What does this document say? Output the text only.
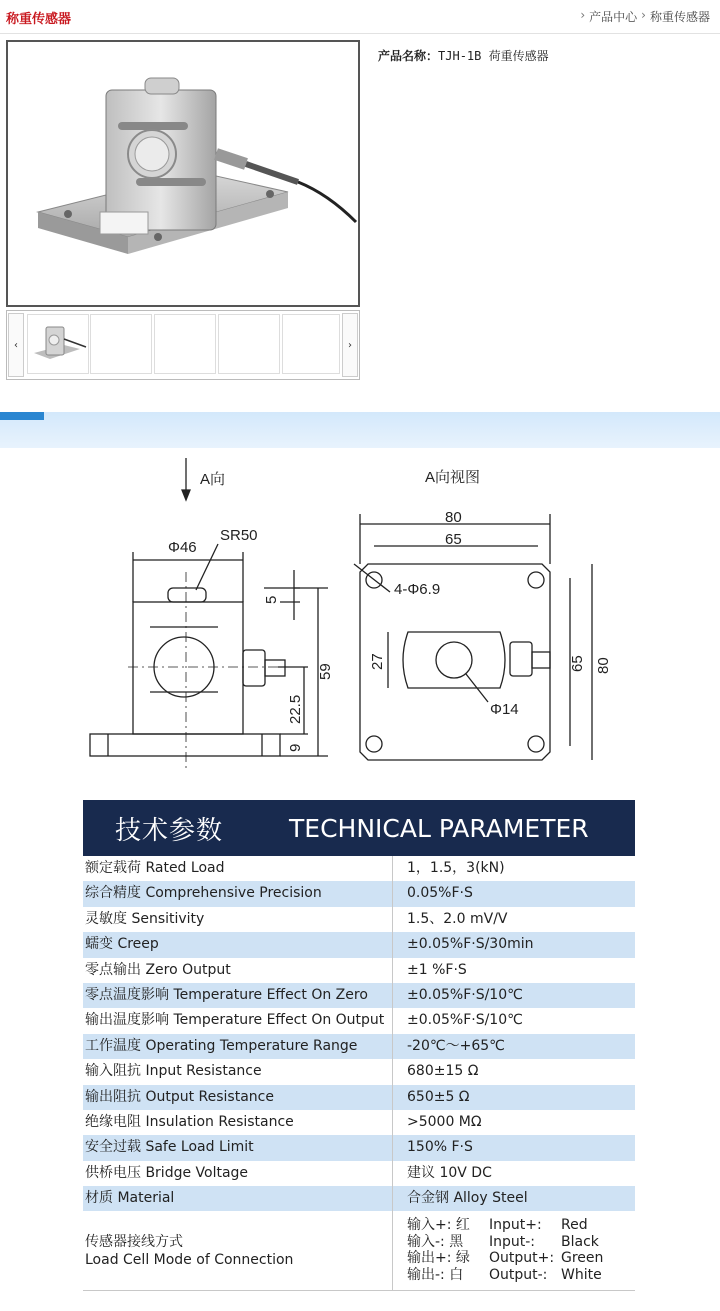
称重传感器	› 产品中心 › 称重传感器
‹	›
产品名称：TJH-1B 荷重传感器
A向
Φ46
SR50
5
59
22.5
9
A向视图
80
65
4-Φ6.9
27
Φ14
65 80
技术参数	TECHNICAL PARAMETER
额定载荷 Rated Load	1，1.5，3(kN)
综合精度 Comprehensive Precision	0.05%F·S
灵敏度 Sensitivity	1.5、2.0 mV/V
蠕变 Creep	±0.05%F·S/30min
零点输出 Zero Output	±1 %F·S
零点温度影响 Temperature Effect On Zero	±0.05%F·S/10℃
输出温度影响 Temperature Effect On Output	±0.05%F·S/10℃
工作温度 Operating Temperature Range	-20℃～+65℃
输入阻抗 Input Resistance	680±15 Ω
输出阻抗 Output Resistance	650±5 Ω
绝缘电阻 Insulation Resistance	>5000 MΩ
安全过载 Safe Load Limit	150% F·S
供桥电压 Bridge Voltage	建议 10V DC
材质 Material	合金钢 Alloy Steel
传感器接线方式
Load Cell Mode of Connection
输入+: 红	Input+:	Red
输入-: 黑	Input-:	Black
输出+: 绿	Output+: Green
输出-: 白	Output-: White
